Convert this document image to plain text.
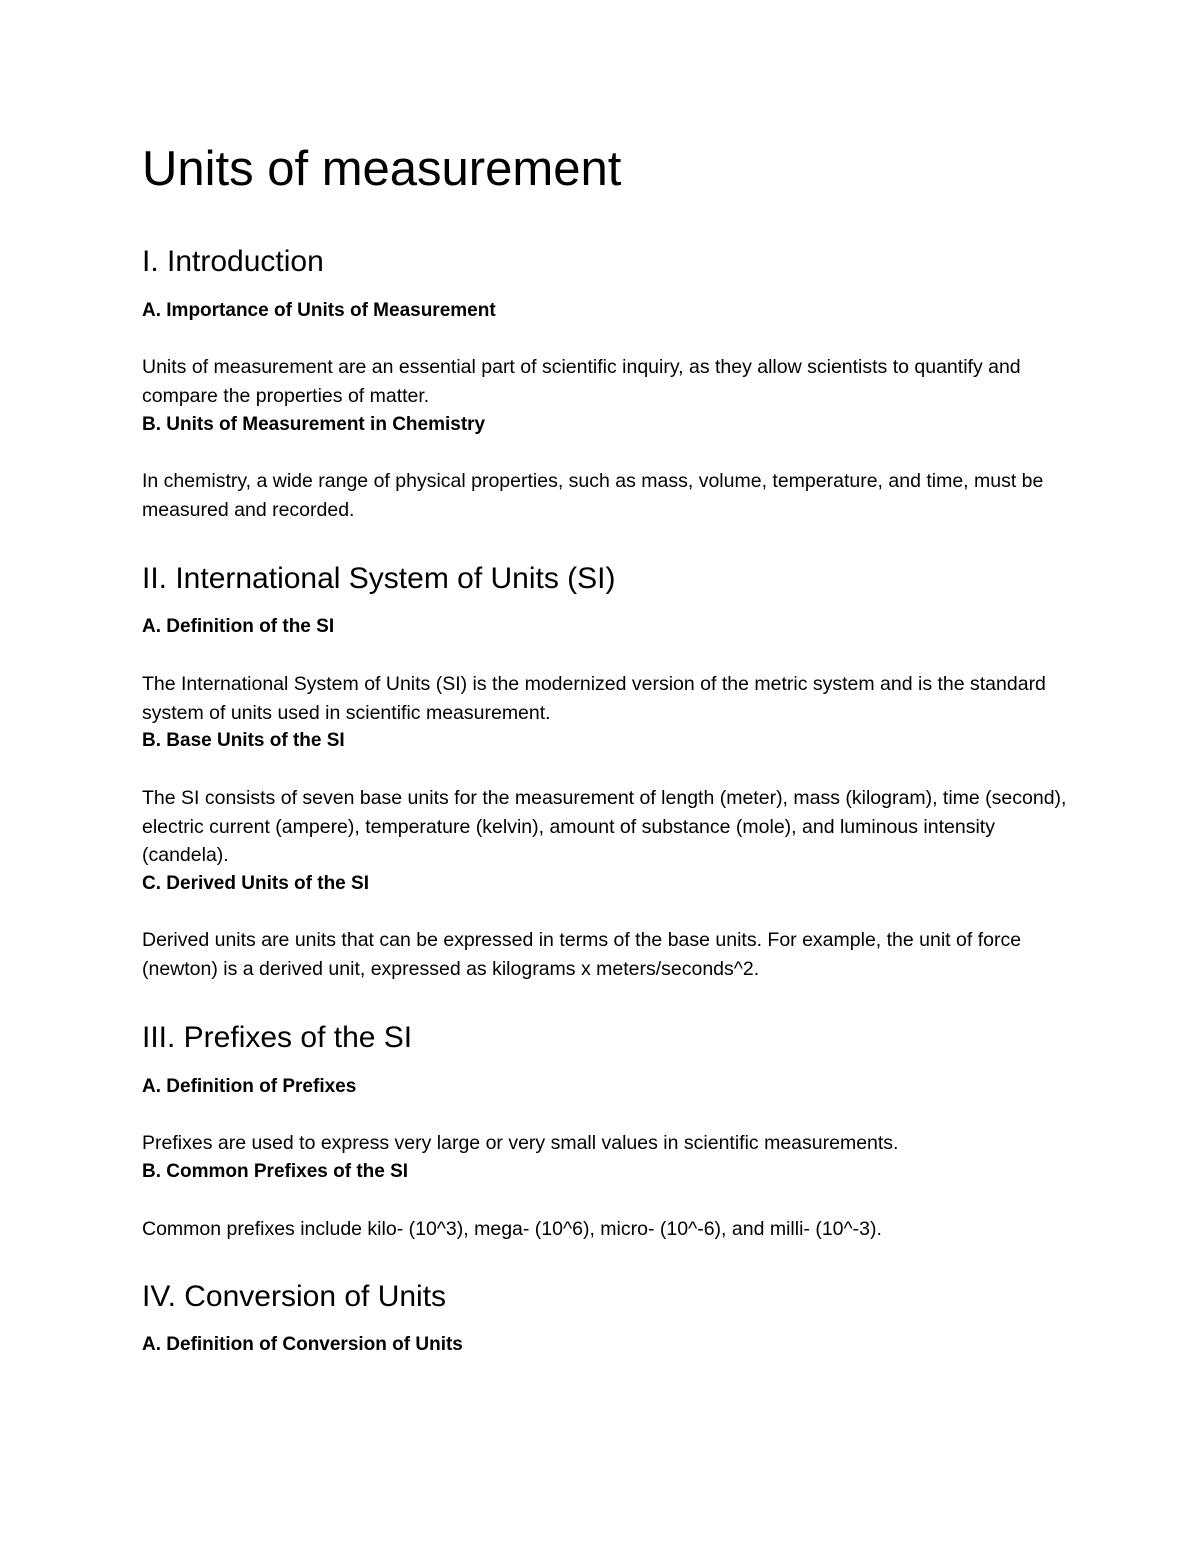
Units of measurement
I. Introduction
A. Importance of Units of Measurement

Units of measurement are an essential part of scientific inquiry, as they allow scientists to quantify and compare the properties of matter.

B. Units of Measurement in Chemistry

In chemistry, a wide range of physical properties, such as mass, volume, temperature, and time, must be measured and recorded.

II. International System of Units (SI)
A. Definition of the SI

The International System of Units (SI) is the modernized version of the metric system and is the standard system of units used in scientific measurement.

B. Base Units of the SI

The SI consists of seven base units for the measurement of length (meter), mass (kilogram), time (second), electric current (ampere), temperature (kelvin), amount of substance (mole), and luminous intensity (candela).

C. Derived Units of the SI

Derived units are units that can be expressed in terms of the base units. For example, the unit of force (newton) is a derived unit, expressed as kilograms x meters/seconds^2.

III. Prefixes of the SI
A. Definition of Prefixes

Prefixes are used to express very large or very small values in scientific measurements.

B. Common Prefixes of the SI

Common prefixes include kilo- (10^3), mega- (10^6), micro- (10^-6), and milli- (10^-3).

IV. Conversion of Units
A. Definition of Conversion of Units
